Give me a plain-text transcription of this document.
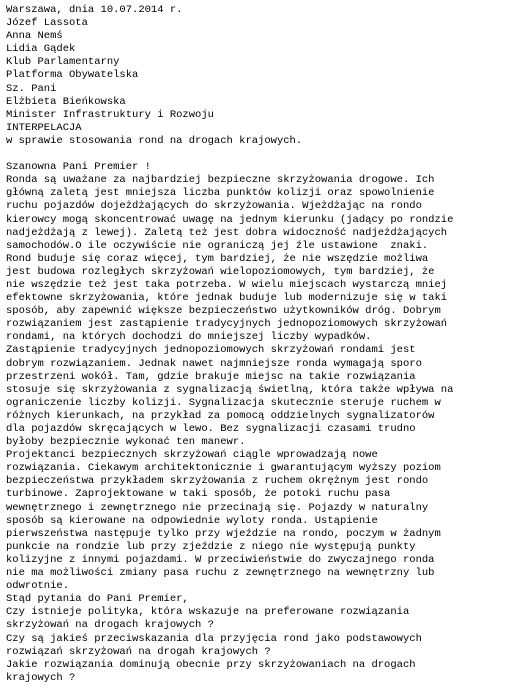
Warszawa, dnia 10.07.2014 r.
Józef Lassota
Anna Nemś
Lidia Gądek
Klub Parlamentarny
Platforma Obywatelska
Sz. Pani
Elżbieta Bieńkowska
Minister Infrastruktury i Rozwoju
INTERPELACJA
w sprawie stosowania rond na drogach krajowych.
Szanowna Pani Premier !
Ronda są uważane za najbardziej bezpieczne skrzyżowania drogowe. Ich
główną zaletą jest mniejsza liczba punktów kolizji oraz spowolnienie
ruchu pojazdów dojeżdżających do skrzyżowania. Wjeżdżając na rondo
kierowcy mogą skoncentrować uwagę na jednym kierunku (jadący po rondzie
nadjeżdżają z lewej). Zaletą też jest dobra widoczność nadjeżdżających
samochodów.O ile oczywiście nie ograniczą jej źle ustawione  znaki.
Rond buduje się coraz więcej, tym bardziej, że nie wszędzie możliwa
jest budowa rozległych skrzyżowań wielopoziomowych, tym bardziej, że
nie wszędzie też jest taka potrzeba. W wielu miejscach wystarczą mniej
efektowne skrzyżowania, które jednak buduje lub modernizuje się w taki
sposób, aby zapewnić większe bezpieczeństwo użytkowników dróg. Dobrym
rozwiązaniem jest zastąpienie tradycyjnych jednopoziomowych skrzyżowań
rondami, na których dochodzi do mniejszej liczby wypadków.
Zastąpienie tradycyjnych jednopoziomowych skrzyżowań rondami jest
dobrym rozwiązaniem. Jednak nawet najmniejsze ronda wymagają sporo
przestrzeni wokół. Tam, gdzie brakuje miejsc na takie rozwiązania
stosuje się skrzyżowania z sygnalizacją świetlną, która także wpływa na
ograniczenie liczby kolizji. Sygnalizacja skutecznie steruje ruchem w
różnych kierunkach, na przykład za pomocą oddzielnych sygnalizatorów
dla pojazdów skręcających w lewo. Bez sygnalizacji czasami trudno
byłoby bezpiecznie wykonać ten manewr.
Projektanci bezpiecznych skrzyżowań ciągle wprowadzają nowe
rozwiązania. Ciekawym architektonicznie i gwarantującym wyższy poziom
bezpieczeństwa przykładem skrzyżowania z ruchem okrężnym jest rondo
turbinowe. Zaprojektowane w taki sposób, że potoki ruchu pasa
wewnętrznego i zewnętrznego nie przecinają się. Pojazdy w naturalny
sposób są kierowane na odpowiednie wyloty ronda. Ustąpienie
pierwszeństwa następuje tylko przy wjeździe na rondo, poczym w żadnym
punkcie na rondzie lub przy zjeździe z niego nie występują punkty
kolizyjne z innymi pojazdami. W przeciwieństwie do zwyczajnego ronda
nie ma możliwości zmiany pasa ruchu z zewnętrznego na wewnętrzny lub
odwrotnie.
Stąd pytania do Pani Premier,
Czy istnieje polityka, która wskazuje na preferowane rozwiązania
skrzyżowań na drogach krajowych ?
Czy są jakieś przeciwskazania dla przyjęcia rond jako podstawowych
rozwiązań skrzyżowań na drogah krajowych ?
Jakie rozwiązania dominują obecnie przy skrzyżowaniach na drogach
krajowych ?
